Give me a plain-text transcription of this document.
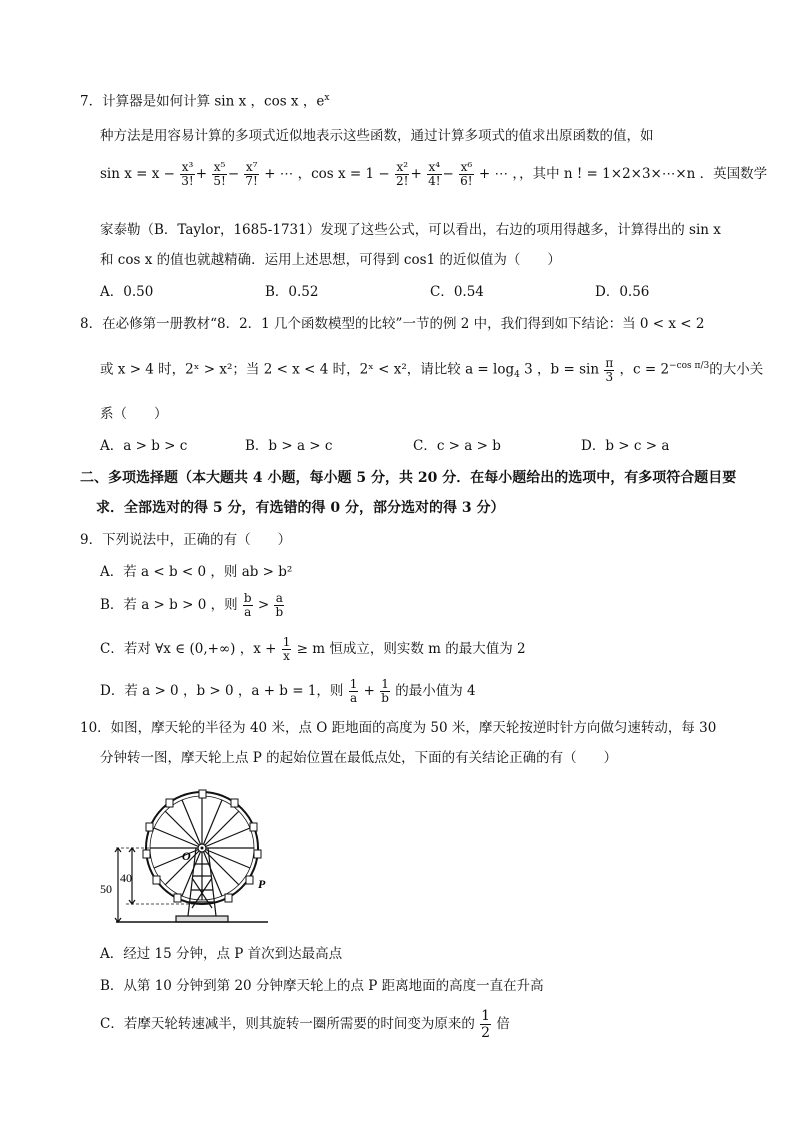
7．计算器是如何计算 sin x ，cos x ，$e^x$
种方法是用容易计算的多项式近似地表示这些函数，通过计算多项式的值求出原函数的值，如
$\sin x = x - \frac{\text{x³}}{3!} + \frac{\text{x⁵}}{5!} - \frac{\text{x⁷}}{7!}$ + ⋯ ，$\cos x = 1 - \frac{\text{x²}}{2!} + \frac{\text{x⁴}}{4!} - \frac{\text{x⁶}}{6!}$ + ⋯ ，，其中 n ! = 1×2×3×⋯×n ．英国数学
家泰勒（B．Taylor，1685-1731）发现了这些公式，可以看出，右边的项用得越多，计算得出的 sin x
和 cos x 的值也就越精确．运用上述思想，可得到 cos1 的近似值为（　　）
A．0.50	B．0.52	C．0.54	D．0.56
8．在必修第一册教材“8．2．1 几个函数模型的比较”一节的例 2 中，我们得到如下结论：当 0 < x < 2
或 x > 4 时，2ˣ > x²；当 2 < x < 4 时，2ˣ < x²，请比较 $a = \log_4 3$ ，$b = \sin \frac{\pi}{3}$ ，$c = 2^{-cos \pi/3}$的大小关
系（　　）
A．a > b > c	B．b > a > c	C．c > a > b	D．b > c > a
二、多项选择题（本大题共 4 小题，每小题 5 分，共 20 分．在每小题给出的选项中，有多项符合题目要
求．全部选对的得 5 分，有选错的得 0 分，部分选对的得 3 分）
9．下列说法中，正确的有（　　）
A．若 a < b < 0 ，则 ab > b²
B．若 a > b > 0 ，则 $\frac{b}{a} > \frac{a}{b}$
C．若对 ∀x ∈ (0,+∞) ，$x + \frac{1}{x} \ge m$ 恒成立，则实数 m 的最大值为 2
D．若 a > 0 ，b > 0 ，a + b = 1，则 $\frac{1}{a} + \frac{1}{b}$ 的最小值为 4
10．如图，摩天轮的半径为 40 米，点 O 距地面的高度为 50 米，摩天轮按逆时针方向做匀速转动，每 30
分钟转一图，摩天轮上点 P 的起始位置在最低点处，下面的有关结论正确的有（　　）
O
P
50
40
A．经过 15 分钟，点 P 首次到达最高点
B．从第 10 分钟到第 20 分钟摩天轮上的点 P 距离地面的高度一直在升高
C．若摩天轮转速减半，则其旋转一圈所需要的时间变为原来的 $\frac{1}{2}$ 倍
